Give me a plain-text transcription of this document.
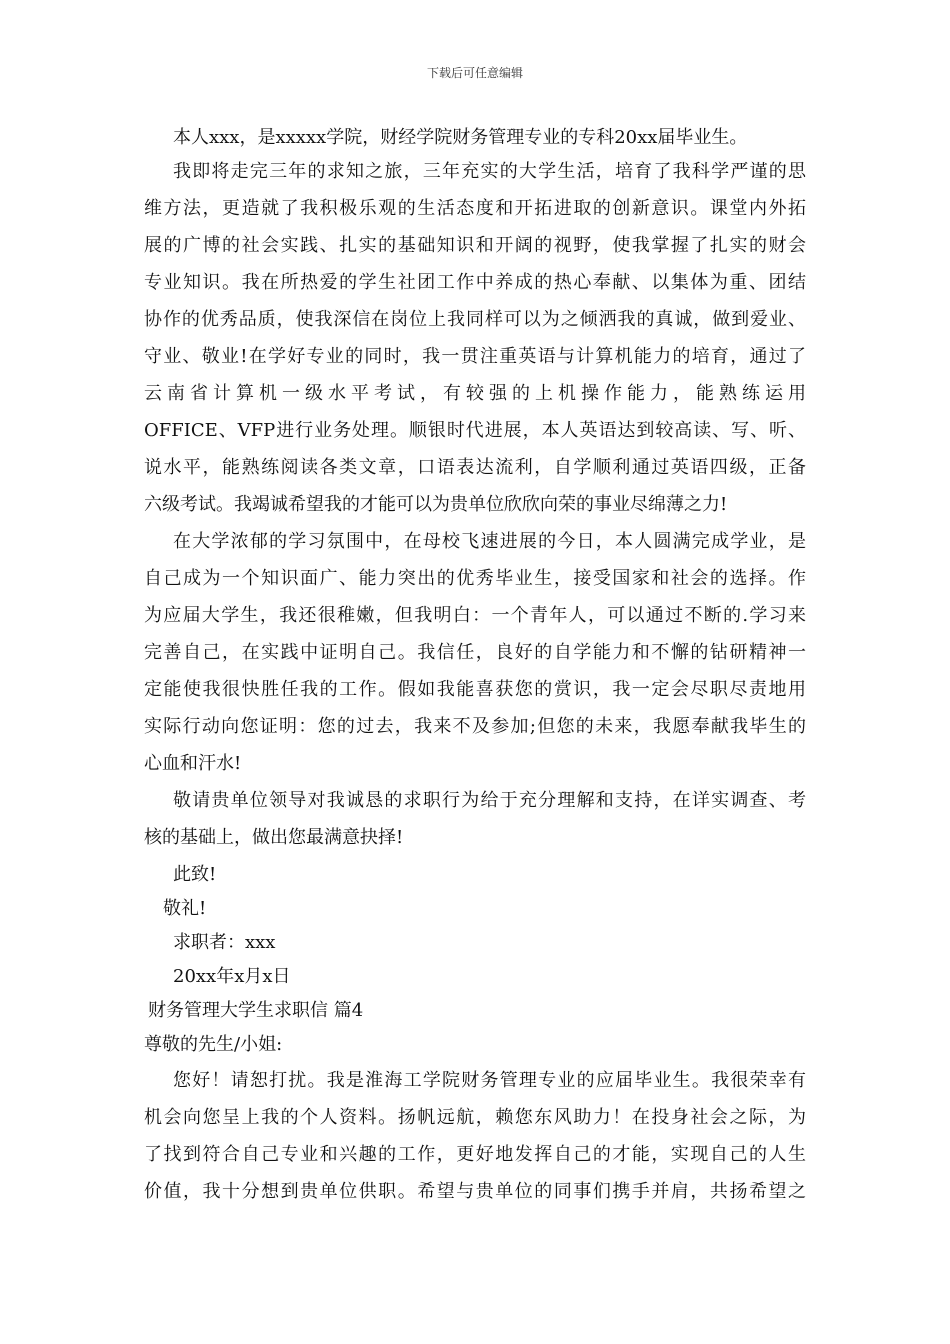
下载后可任意编辑
本人xxx，是xxxxx学院，财经学院财务管理专业的专科20xx届毕业生。
我即将走完三年的求知之旅，三年充实的大学生活，培育了我科学严谨的思
维方法，更造就了我积极乐观的生活态度和开拓进取的创新意识。课堂内外拓
展的广博的社会实践、扎实的基础知识和开阔的视野，使我掌握了扎实的财会
专业知识。我在所热爱的学生社团工作中养成的热心奉献、以集体为重、团结
协作的优秀品质，使我深信在岗位上我同样可以为之倾洒我的真诚，做到爱业、
守业、敬业!在学好专业的同时，我一贯注重英语与计算机能力的培育，通过了
云南省计算机一级水平考试，有较强的上机操作能力，能熟练运用
OFFICE、VFP进行业务处理。顺银时代进展，本人英语达到较高读、写、听、
说水平，能熟练阅读各类文章，口语表达流利，自学顺利通过英语四级，正备
六级考试。我竭诚希望我的才能可以为贵单位欣欣向荣的事业尽绵薄之力!
在大学浓郁的学习氛围中，在母校飞速进展的今日，本人圆满完成学业，是
自己成为一个知识面广、能力突出的优秀毕业生，接受国家和社会的选择。作
为应届大学生，我还很稚嫩，但我明白：一个青年人，可以通过不断的.学习来
完善自己，在实践中证明自己。我信任，良好的自学能力和不懈的钻研精神一
定能使我很快胜任我的工作。假如我能喜获您的赏识，我一定会尽职尽责地用
实际行动向您证明：您的过去，我来不及参加;但您的未来，我愿奉献我毕生的
心血和汗水!
敬请贵单位领导对我诚恳的求职行为给于充分理解和支持，在详实调查、考
核的基础上，做出您最满意抉择!
此致!
敬礼!
求职者：xxx
20xx年x月x日
财务管理大学生求职信 篇4
尊敬的先生/小姐:
您好！请恕打扰。我是淮海工学院财务管理专业的应届毕业生。我很荣幸有
机会向您呈上我的个人资料。扬帆远航，赖您东风助力！在投身社会之际，为
了找到符合自己专业和兴趣的工作，更好地发挥自己的才能，实现自己的人生
价值，我十分想到贵单位供职。希望与贵单位的同事们携手并肩，共扬希望之
